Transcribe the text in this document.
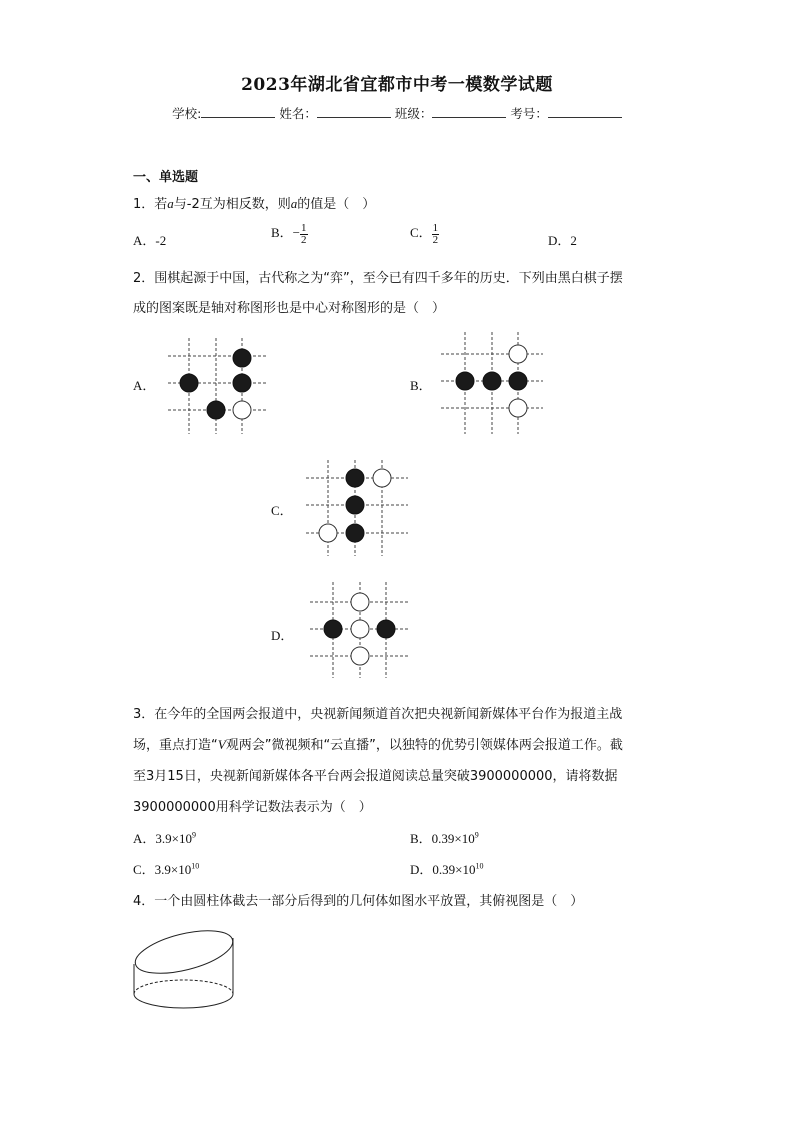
2023年湖北省宜都市中考一模数学试题
学校:	姓名：	班级：	考号：
一、单选题
1．若a与-2互为相反数，则a的值是（　）
A．-2
B．− $\frac{1}{2}$	C． $\frac{1}{2}$	D．2
2．围棋起源于中国，古代称之为“弈”，至今已有四千多年的历史．下列由黑白棋子摆
成的图案既是轴对称图形也是中心对称图形的是（　）
A．	B．
C．
D．
3．在今年的全国两会报道中，央视新闻频道首次把央视新闻新媒体平台作为报道主战
场，重点打造“V观两会”微视频和“云直播”，以独特的优势引领媒体两会报道工作。截
至3月15日，央视新闻新媒体各平台两会报道阅读总量突破3900000000，请将数据
3900000000用科学记数法表示为（　）
A．$3.9\times 10^9$	B．$0.39\times 10^9$
C．$3.9\times 10^{10}$	D．$0.39\times 10^{10}$
4．一个由圆柱体截去一部分后得到的几何体如图水平放置，其俯视图是（　）
